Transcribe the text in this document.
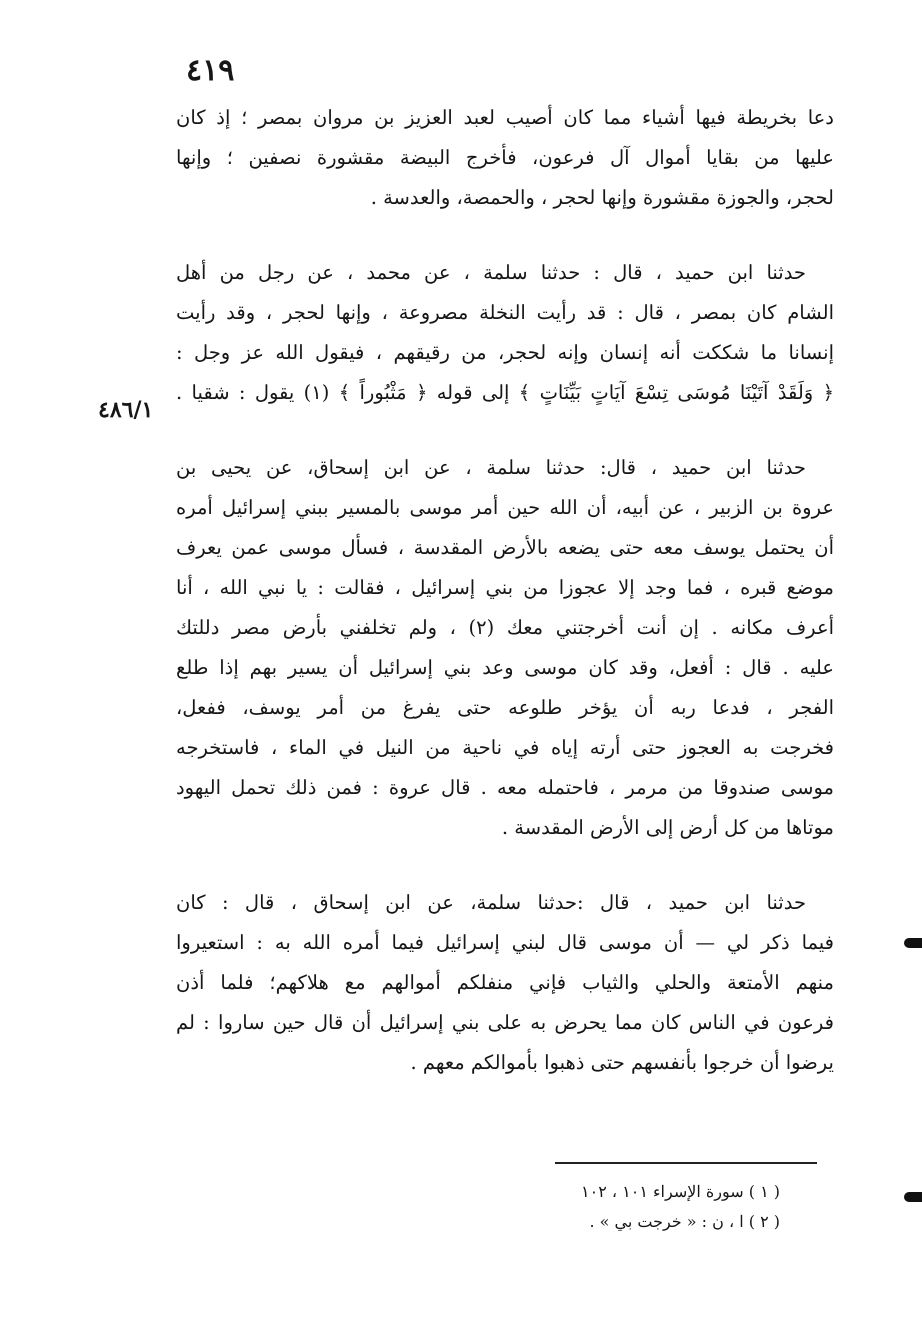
٤١٩
٤٨٦/١
دعا بخريطة فيها أشياء مما كان أصيب لعبد العزيز بن مروان بمصر ؛ إذ كان
عليها من بقايا أموال آل فرعون، فأخرج البيضة مقشورة نصفين ؛ وإنها
لحجر، والجوزة مقشورة وإنها لحجر ، والحمصة، والعدسة .
حدثنا ابن حميد ، قال : حدثنا سلمة ، عن محمد ، عن رجل من أهل
الشام كان بمصر ، قال : قد رأيت النخلة مصروعة ، وإنها لحجر ، وقد رأيت
إنسانا ما شككت أنه إنسان وإنه لحجر، من رقيقهم ، فيقول الله عز وجل :
﴿ وَلَقَدْ آتَيْنَا مُوسَى تِسْعَ آيَاتٍ بَيِّنَاتٍ ﴾ إلى قوله ﴿ مَثْبُوراً ﴾ (١) يقول : شقيا .
حدثنا ابن حميد ، قال: حدثنا سلمة ، عن ابن إسحاق، عن يحيى بن
عروة بن الزبير ، عن أبيه، أن الله حين أمر موسى بالمسير ببني إسرائيل أمره
أن يحتمل يوسف معه حتى يضعه بالأرض المقدسة ، فسأل موسى عمن يعرف
موضع قبره ، فما وجد إلا عجوزا من بني إسرائيل ، فقالت : يا نبي الله ، أنا
أعرف مكانه . إن أنت أخرجتني معك (٢) ، ولم تخلفني بأرض مصر دللتك
عليه . قال : أفعل، وقد كان موسى وعد بني إسرائيل أن يسير بهم إذا طلع
الفجر ، فدعا ربه أن يؤخر طلوعه حتى يفرغ من أمر يوسف، ففعل،
فخرجت به العجوز حتى أرته إياه في ناحية من النيل في الماء ، فاستخرجه
موسى صندوقا من مرمر ، فاحتمله معه . قال عروة : فمن ذلك تحمل اليهود
موتاها من كل أرض إلى الأرض المقدسة .
حدثنا ابن حميد ، قال :حدثنا سلمة، عن ابن إسحاق ، قال : كان
فيما ذكر لي — أن موسى قال لبني إسرائيل فيما أمره الله به : استعيروا
منهم الأمتعة والحلي والثياب فإني منفلكم أموالهم مع هلاكهم؛ فلما أذن
فرعون في الناس كان مما يحرض به على بني إسرائيل أن قال حين ساروا : لم
يرضوا أن خرجوا بأنفسهم حتى ذهبوا بأموالكم معهم .
( ١ ) سورة الإسراء ١٠١ ، ١٠٢
( ٢ ) ا ، ن : « خرجت بي » .
